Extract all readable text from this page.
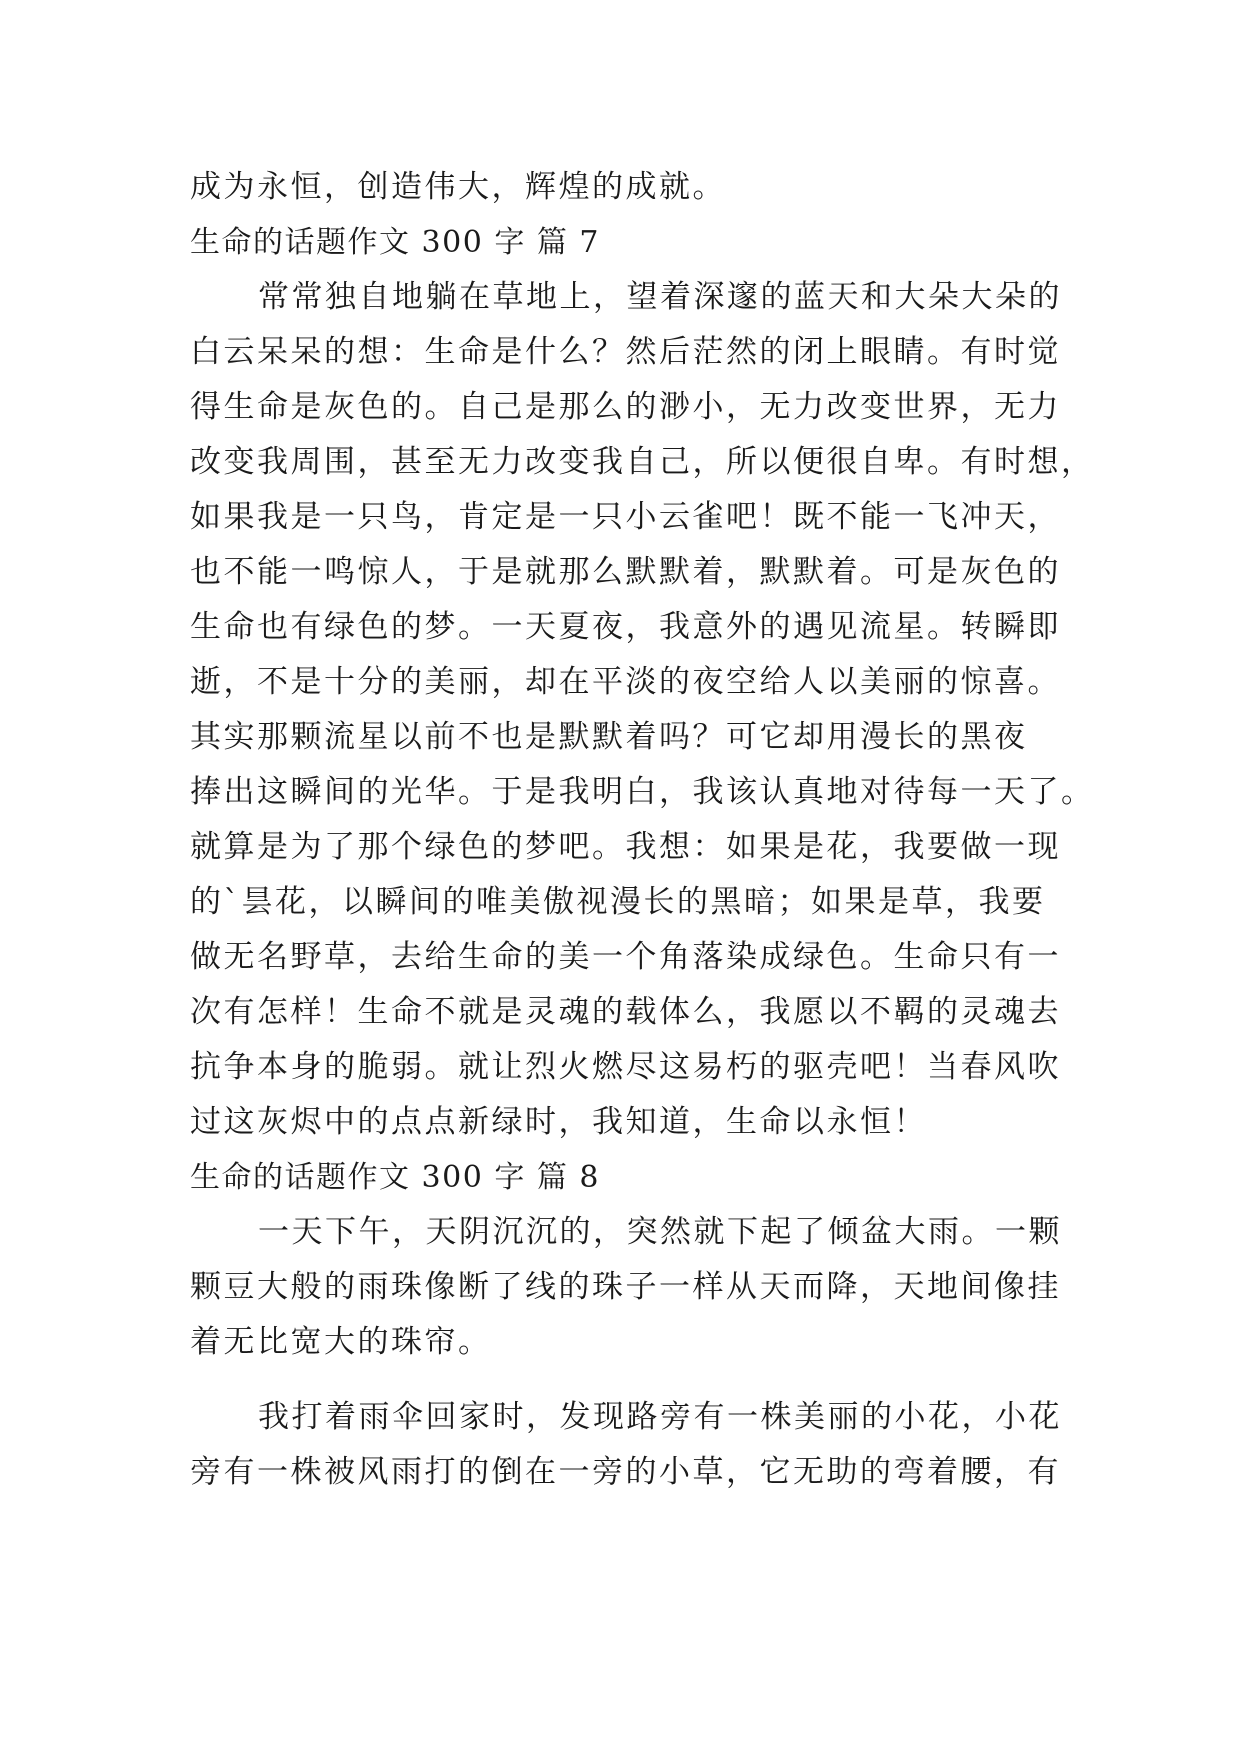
成为永恒，创造伟大，辉煌的成就。
生命的话题作文 300 字 篇 7
常常独自地躺在草地上，望着深邃的蓝天和大朵大朵的
白云呆呆的想：生命是什么？然后茫然的闭上眼睛。有时觉
得生命是灰色的。自己是那么的渺小，无力改变世界，无力
改变我周围，甚至无力改变我自己，所以便很自卑。有时想，
如果我是一只鸟，肯定是一只小云雀吧！既不能一飞冲天，
也不能一鸣惊人，于是就那么默默着，默默着。可是灰色的
生命也有绿色的梦。一天夏夜，我意外的遇见流星。转瞬即
逝，不是十分的美丽，却在平淡的夜空给人以美丽的惊喜。
其实那颗流星以前不也是默默着吗？可它却用漫长的黑夜
捧出这瞬间的光华。于是我明白，我该认真地对待每一天了。
就算是为了那个绿色的梦吧。我想：如果是花，我要做一现
的`昙花，以瞬间的唯美傲视漫长的黑暗；如果是草，我要
做无名野草，去给生命的美一个角落染成绿色。生命只有一
次有怎样！生命不就是灵魂的载体么，我愿以不羁的灵魂去
抗争本身的脆弱。就让烈火燃尽这易朽的驱壳吧！当春风吹
过这灰烬中的点点新绿时，我知道，生命以永恒！
生命的话题作文 300 字 篇 8
一天下午，天阴沉沉的，突然就下起了倾盆大雨。一颗
颗豆大般的雨珠像断了线的珠子一样从天而降，天地间像挂
着无比宽大的珠帘。
我打着雨伞回家时，发现路旁有一株美丽的小花，小花
旁有一株被风雨打的倒在一旁的小草，它无助的弯着腰，有
